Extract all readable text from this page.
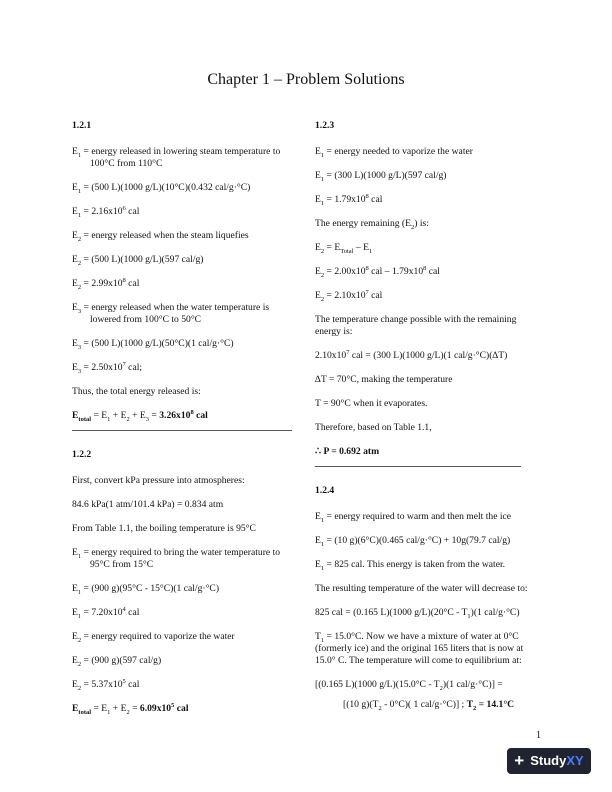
Chapter 1 – Problem Solutions
1.2.1
$E_1$ = energy released in lowering steam temperature to 100°C from 110°C
$E_1 = (500$ L)(1000 g/L)(10°C)(0.432 cal/g·°C)
$E_1 = 2.16x10^6$ cal
$E_2$ = energy released when the steam liquefies
$E_2 = (500$ L)(1000 g/L)(597 cal/g)
$E_2 = 2.99x10^8$ cal
$E_3$ = energy released when the water temperature is lowered from 100°C to 50°C
$E_3 = (500$ L)(1000 g/L)(50°C)(1 cal/g·°C)
$E_3 = 2.50x10^7$ cal;
Thus, the total energy released is:
$E_{total} = E_1 + E_2 + E_3 = 3.26x10^8$ cal
1.2.2
First, convert kPa pressure into atmospheres:
84.6 kPa(1 atm/101.4 kPa) = 0.834 atm
From Table 1.1, the boiling temperature is 95°C
$E_1$ = energy required to bring the water temperature to 95°C from 15°C
$E_1 = (900$ g)(95°C - 15°C)(1 cal/g·°C)
$E_1 = 7.20x10^4$ cal
$E_2$ = energy required to vaporize the water
$E_2 = (900$ g)(597 cal/g)
$E_2 = 5.37x10^5$ cal
$E_{total} = E_1 + E_2 = 6.09x10^5$ cal
1.2.3
$E_1$ = energy needed to vaporize the water
$E_1 = (300$ L)(1000 g/L)(597 cal/g)
$E_1 = 1.79x10^8$ cal
The energy remaining $(E_2)$ is:
$E_2 = E_{Total} - E_1$
$E_2 = 2.00x10^8$ cal – $1.79x10^8$ cal
$E_2 = 2.10x10^7$ cal
The temperature change possible with the remaining energy is:
$2.10x10^7$ cal = (300 L)(1000 g/L)(1 cal/g·°C)(∆T)
∆T = 70°C, making the temperature
T = 90°C when it evaporates.
Therefore, based on Table 1.1,
∴ P = 0.692 atm
1.2.4
$E_1$ = energy required to warm and then melt the ice
$E_1 = (10$ g)(6°C)(0.465 cal/g·°C) + 10g(79.7 cal/g)
$E_1 = 825$ cal. This energy is taken from the water.
The resulting temperature of the water will decrease to:
825 cal = (0.165 L)(1000 $g/L)(20^\circ C - T_1)(1$ cal/g·°C)
$T_1 = 15.0^\circ C$. Now we have a mixture of water at 0°C (formerly ice) and the original 165 liters that is now at 15.0° C. The temperature will come to equilibrium at:
[(0.165 L)(1000 $g/L)(15.0^\circ C - T_2)(1$ cal/g·°C)] =
[(10 $g)(T_2 - 0^\circ C)$( 1 cal/g·°C)] ; $T_2 = 14.1^\circ C$
1
+ StudyXY
